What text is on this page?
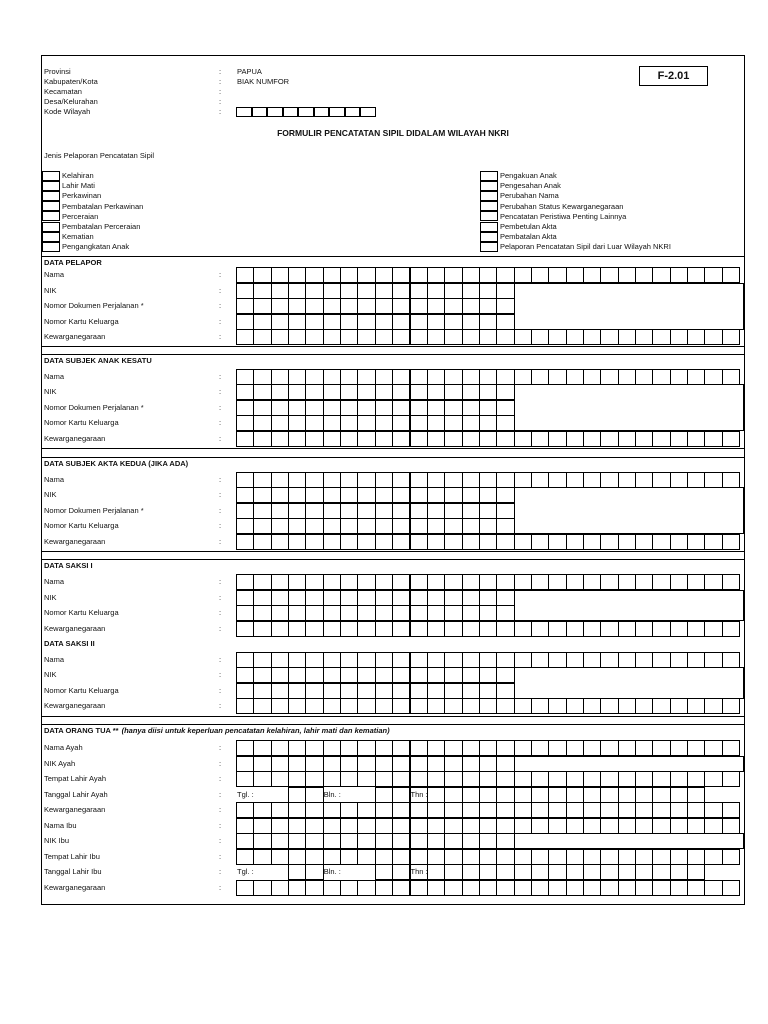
Provinsi	: PAPUA
Kabupaten/Kota	: BIAK NUMFOR
Kecamatan	:
Desa/Kelurahan	:
Kode Wilayah	:
F-2.01
FORMULIR PENCATATAN SIPIL DIDALAM WILAYAH NKRI
Jenis Pelaporan Pencatatan Sipil
Kelahiran
Lahir Mati
Perkawinan
Pembatalan Perkawinan
Perceraian
Pembatalan Perceraian
Kematian
Pengangkatan Anak
Pengakuan Anak
Pengesahan Anak
Perubahan Nama
Perubahan Status Kewarganegaraan
Pencatatan Peristiwa Penting Lainnya
Pembetulan Akta
Pembatalan Akta
Pelaporan Pencatatan Sipil dari Luar Wilayah NKRI
DATA PELAPOR
Nama	:
NIK	:
Nomor Dokumen Perjalanan *	:
Nomor Kartu Keluarga	:
Kewarganegaraan	:
DATA SUBJEK ANAK KESATU
Nama	:
NIK	:
Nomor Dokumen Perjalanan *	:
Nomor Kartu Keluarga	:
Kewarganegaraan	:
DATA SUBJEK AKTA KEDUA (JIKA ADA)
Nama	:
NIK	:
Nomor Dokumen Perjalanan *	:
Nomor Kartu Keluarga	:
Kewarganegaraan	:
DATA SAKSI I
Nama	:
NIK	:
Nomor Kartu Keluarga	:
Kewarganegaraan	:
DATA SAKSI II
Nama	:
NIK	:
Nomor Kartu Keluarga	:
Kewarganegaraan	:
DATA ORANG TUA ** (hanya diisi untuk keperluan pencatatan kelahiran, lahir mati dan kematian)
Nama Ayah	:
NIK Ayah	:
Tempat Lahir Ayah	:
Tanggal Lahir Ayah	: Tgl. :	Bln. :	Thn :
Kewarganegaraan	:
Nama Ibu	:
NIK Ibu	:
Tempat Lahir Ibu	:
Tanggal Lahir Ibu	: Tgl. :	Bln. :	Thn :
Kewarganegaraan	:
